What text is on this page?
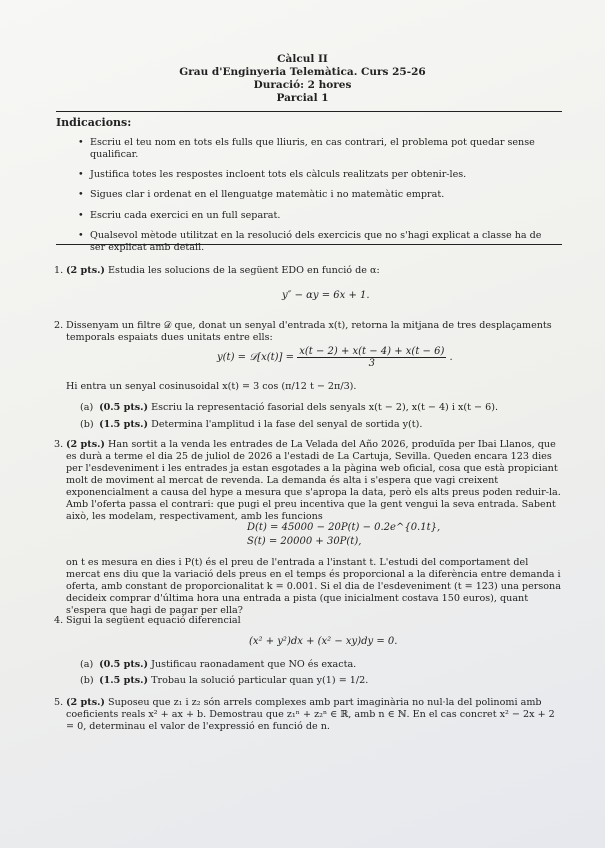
Càlcul II
Grau d'Enginyeria Telemàtica. Curs 25-26
Duració: 2 hores
Parcial 1
Indicacions:
• Escriu el teu nom en tots els fulls que lliuris, en cas contrari, el problema pot quedar sense qualificar.
• Justifica totes les respostes incloent tots els càlculs realitzats per obtenir-les.
• Sigues clar i ordenat en el llenguatge matemàtic i no matemàtic emprat.
• Escriu cada exercici en un full separat.
• Qualsevol mètode utilitzat en la resolució dels exercicis que no s'hagi explicat a classe ha de ser explicat amb detail.
1. (2 pts.) Estudia les solucions de la següent EDO en funció de α:
y″ − αy = 6x + 1.
2. Dissenyam un filtre 𝒟 que, donat un senyal d'entrada x(t), retorna la mitjana de tres desplaçaments temporals espaiats dues unitats entre ells:
y(t) = 𝒟[x(t)] = $\frac{x(t - 2) + x(t - 4) + x(t - 6)}{3}$ .
Hi entra un senyal cosinusoidal x(t) = 3 cos (π/12 t − 2π/3).
(a) (0.5 pts.) Escriu la representació fasorial dels senyals x(t − 2), x(t − 4) i x(t − 6).
(b) (1.5 pts.) Determina l'amplitud i la fase del senyal de sortida y(t).
3. (2 pts.) Han sortit a la venda les entrades de La Velada del Año 2026, produïda per Ibai Llanos, que es durà a terme el dia 25 de juliol de 2026 a l'estadi de La Cartuja, Sevilla. Queden encara 123 dies per l'esdeveniment i les entrades ja estan esgotades a la pàgina web oficial, cosa que està propiciant molt de moviment al mercat de revenda. La demanda és alta i s'espera que vagi creixent exponencialment a causa del hype a mesura que s'apropa la data, però els alts preus poden reduir-la. Amb l'oferta passa el contrari: que pugi el preu incentiva que la gent vengui la seva entrada. Sabent això, les modelam, respectivament, amb les funcions
D(t) = 45000 − 20P(t) − 0.2e^{0.1t},
S(t) = 20000 + 30P(t),
on t es mesura en dies i P(t) és el preu de l'entrada a l'instant t. L'estudi del comportament del mercat ens diu que la variació dels preus en el temps és proporcional a la diferència entre demanda i oferta, amb constant de proporcionalitat k = 0.001. Si el dia de l'esdeveniment (t = 123) una persona decideix comprar d'última hora una entrada a pista (que inicialment costava 150 euros), quant s'espera que hagi de pagar per ella?
4. Sigui la següent equació diferencial
(x² + y²)dx + (x² − xy)dy = 0.
(a) (0.5 pts.) Justificau raonadament que NO és exacta.
(b) (1.5 pts.) Trobau la solució particular quan y(1) = 1/2.
5. (2 pts.) Suposeu que z₁ i z₂ són arrels complexes amb part imaginària no nul·la del polinomi amb coeficients reals x² + ax + b. Demostrau que z₁ⁿ + z₂ⁿ ∈ ℝ, amb n ∈ ℕ. En el cas concret x² − 2x + 2 = 0, determinau el valor de l'expressió en funció de n.
